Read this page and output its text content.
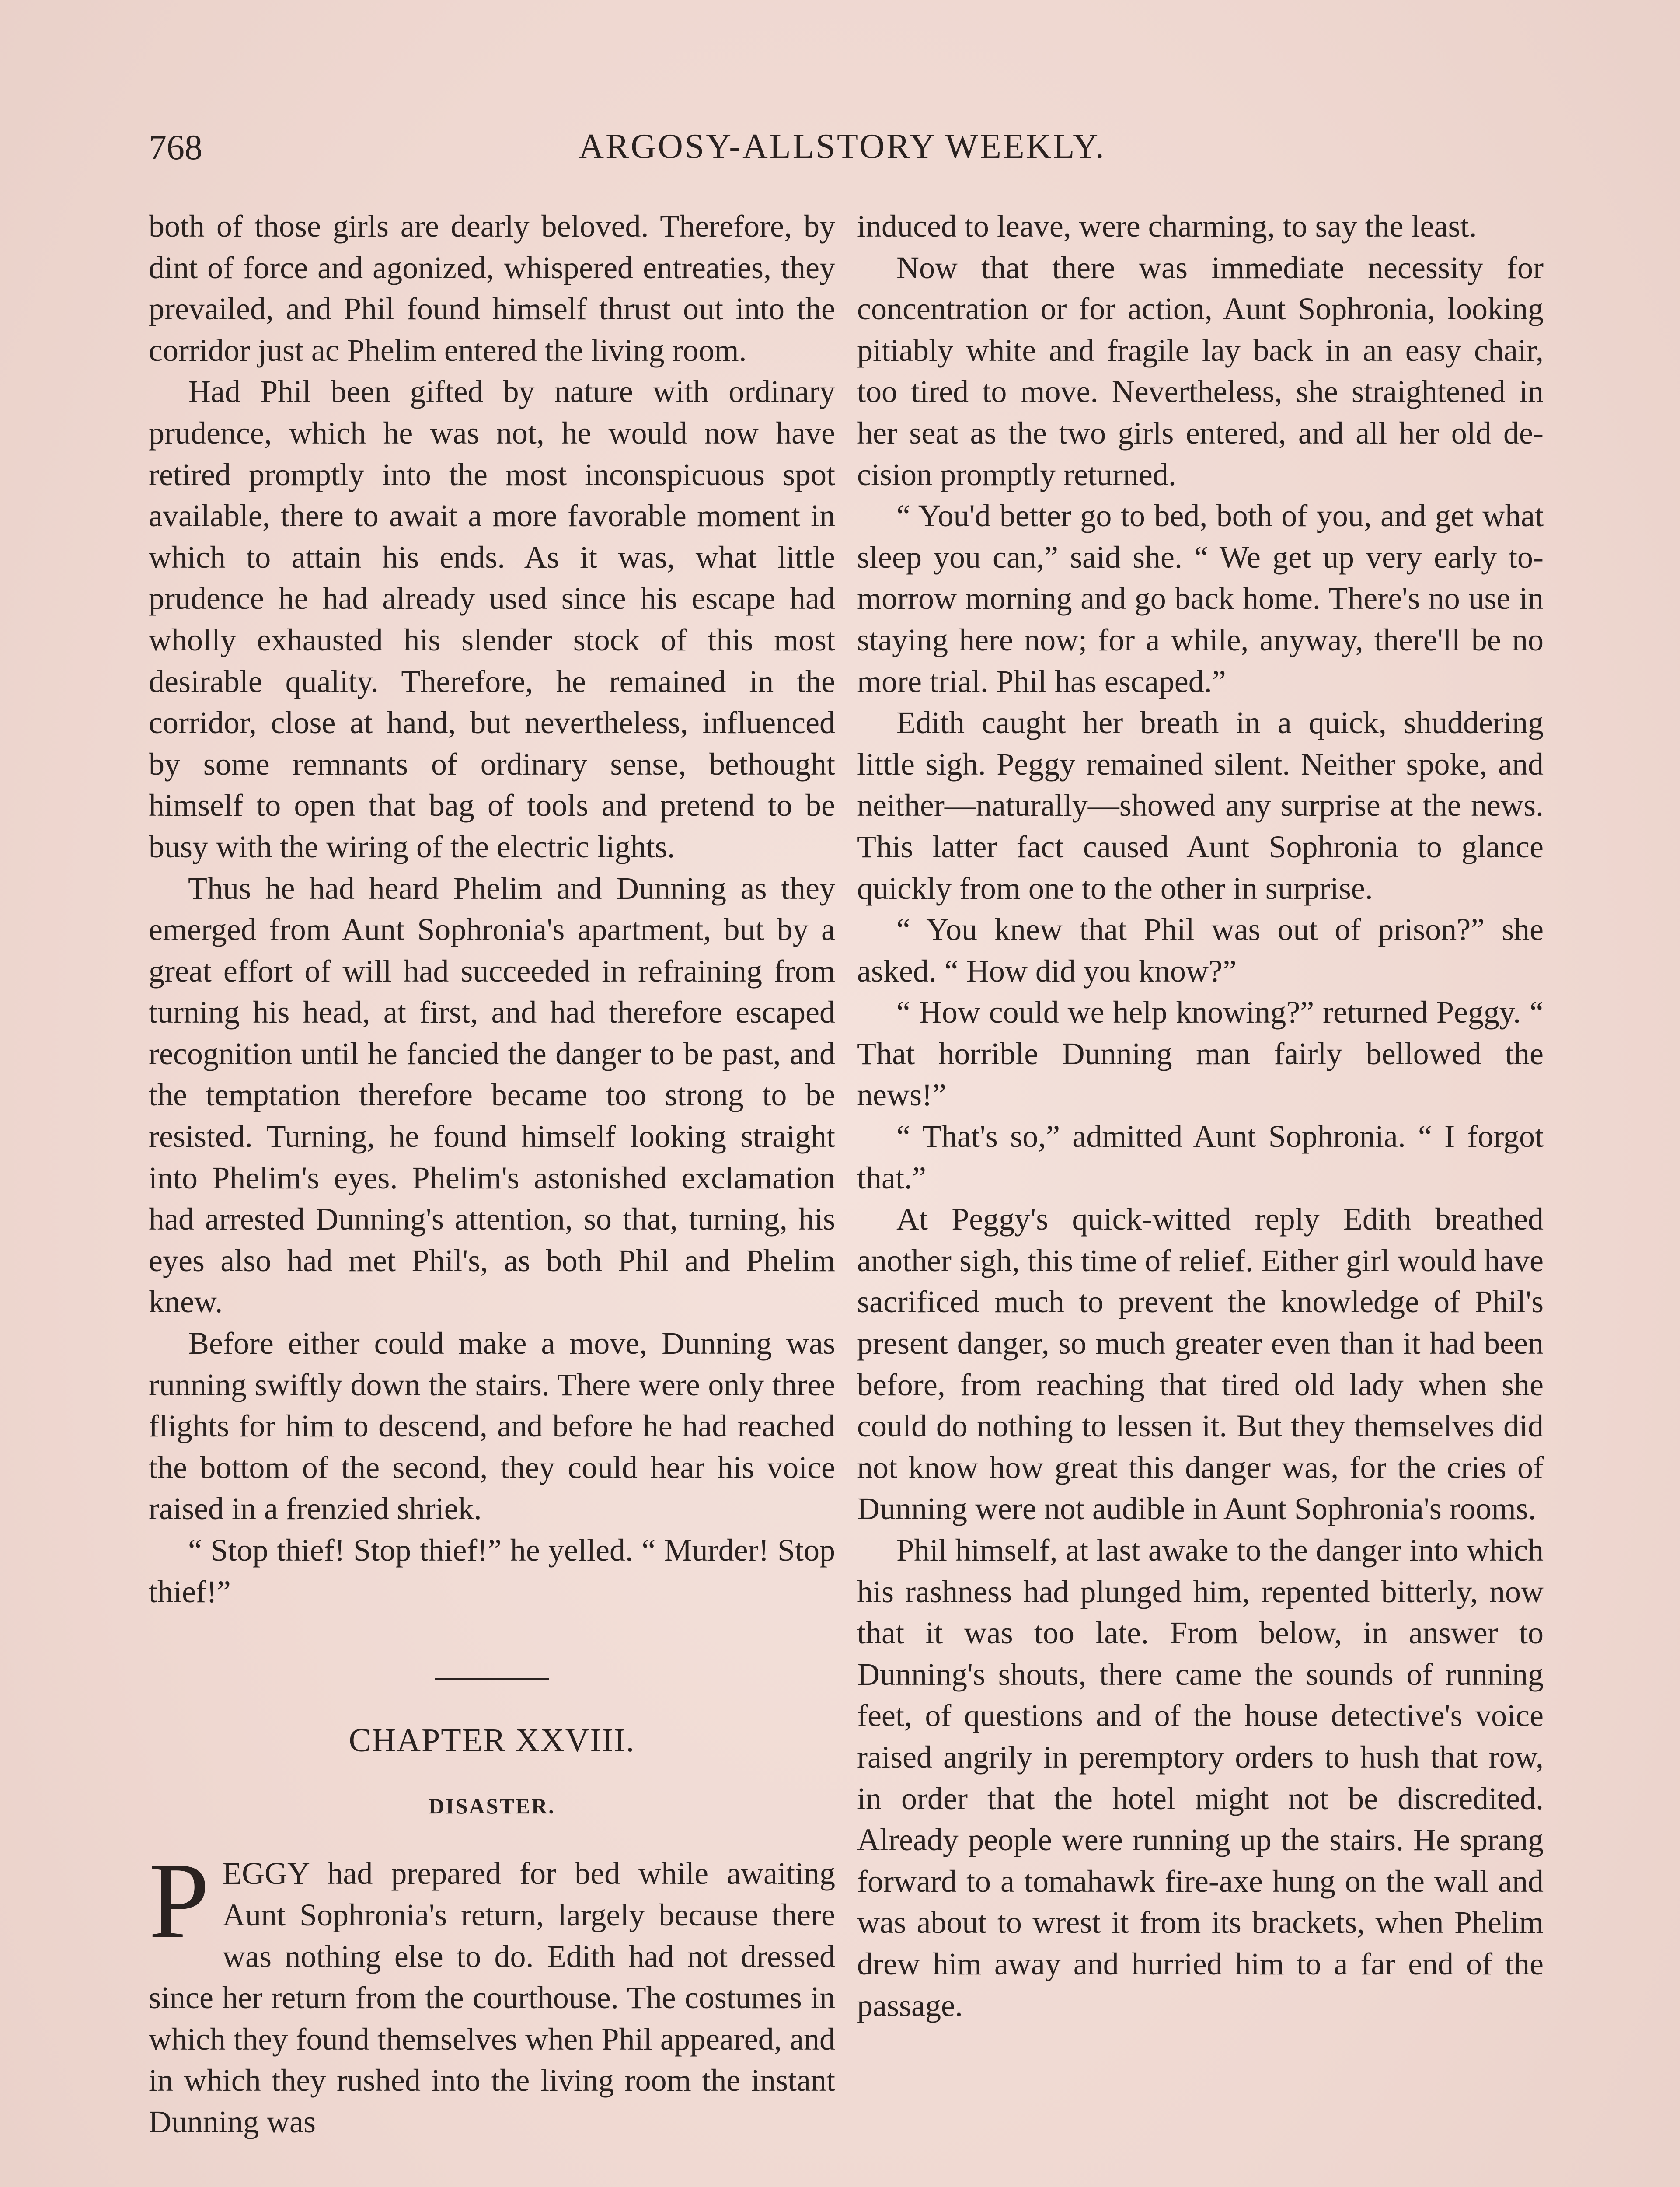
ARGOSY-ALLSTORY WEEKLY.
768

both of those girls are dearly beloved. Therefore, by dint of force and agonized, whispered entreaties, they prevailed, and Phil found himself thrust out into the corridor just ac Phelim entered the living room.

Had Phil been gifted by nature with ordinary prudence, which he was not, he would now have retired promptly into the most inconspicuous spot available, there to await a more favorable moment in which to attain his ends. As it was, what little prudence he had already used since his escape had wholly exhausted his slender stock of this most desirable quality. Therefore, he remained in the corridor, close at hand, but nevertheless, influenced by some remnants of ordinary sense, bethought himself to open that bag of tools and pretend to be busy with the wiring of the electric lights.

Thus he had heard Phelim and Dunning as they emerged from Aunt Sophronia's apartment, but by a great effort of will had succeeded in refraining from turning his head, at first, and had therefore escaped recognition until he fancied the danger to be past, and the temptation therefore became too strong to be resisted. Turning, he found himself looking straight into Phelim's eyes. Phelim's astonished exclamation had arrested Dunning's attention, so that, turning, his eyes also had met Phil's, as both Phil and Phelim knew.

Before either could make a move, Dunning was running swiftly down the stairs. There were only three flights for him to descend, and before he had reached the bottom of the second, they could hear his voice raised in a frenzied shriek.

“ Stop thief! Stop thief!” he yelled. “ Murder! Stop thief!”

CHAPTER XXVIII.
DISASTER.
P EGGY had prepared for bed while awaiting Aunt Sophronia's return, largely because there was nothing else to do. Edith had not dressed since her return from the courthouse. The costumes in which they found themselves when Phil appeared, and in which they rushed into the living room the instant Dunning was

induced to leave, were charming, to say the least.

Now that there was immediate necessity for concentration or for action, Aunt Sophronia, looking pitiably white and fragile lay back in an easy chair, too tired to move. Nevertheless, she straightened in her seat as the two girls entered, and all her old decision promptly returned.

“ You'd better go to bed, both of you, and get what sleep you can,” said she. “ We get up very early to-morrow morning and go back home. There's no use in staying here now; for a while, anyway, there'll be no more trial. Phil has escaped.”

Edith caught her breath in a quick, shuddering little sigh. Peggy remained silent. Neither spoke, and neither—naturally—showed any surprise at the news. This latter fact caused Aunt Sophronia to glance quickly from one to the other in surprise.

“ You knew that Phil was out of prison?” she asked. “ How did you know?”

“ How could we help knowing?” returned Peggy. “ That horrible Dunning man fairly bellowed the news!”

“ That's so,” admitted Aunt Sophronia. “ I forgot that.”

At Peggy's quick-witted reply Edith breathed another sigh, this time of relief. Either girl would have sacrificed much to prevent the knowledge of Phil's present danger, so much greater even than it had been before, from reaching that tired old lady when she could do nothing to lessen it. But they themselves did not know how great this danger was, for the cries of Dunning were not audible in Aunt Sophronia's rooms.

Phil himself, at last awake to the danger into which his rashness had plunged him, repented bitterly, now that it was too late. From below, in answer to Dunning's shouts, there came the sounds of running feet, of questions and of the house detective's voice raised angrily in peremptory orders to hush that row, in order that the hotel might not be discredited. Already people were running up the stairs. He sprang forward to a tomahawk fire-axe hung on the wall and was about to wrest it from its brackets, when Phelim drew him away and hurried him to a far end of the passage.
